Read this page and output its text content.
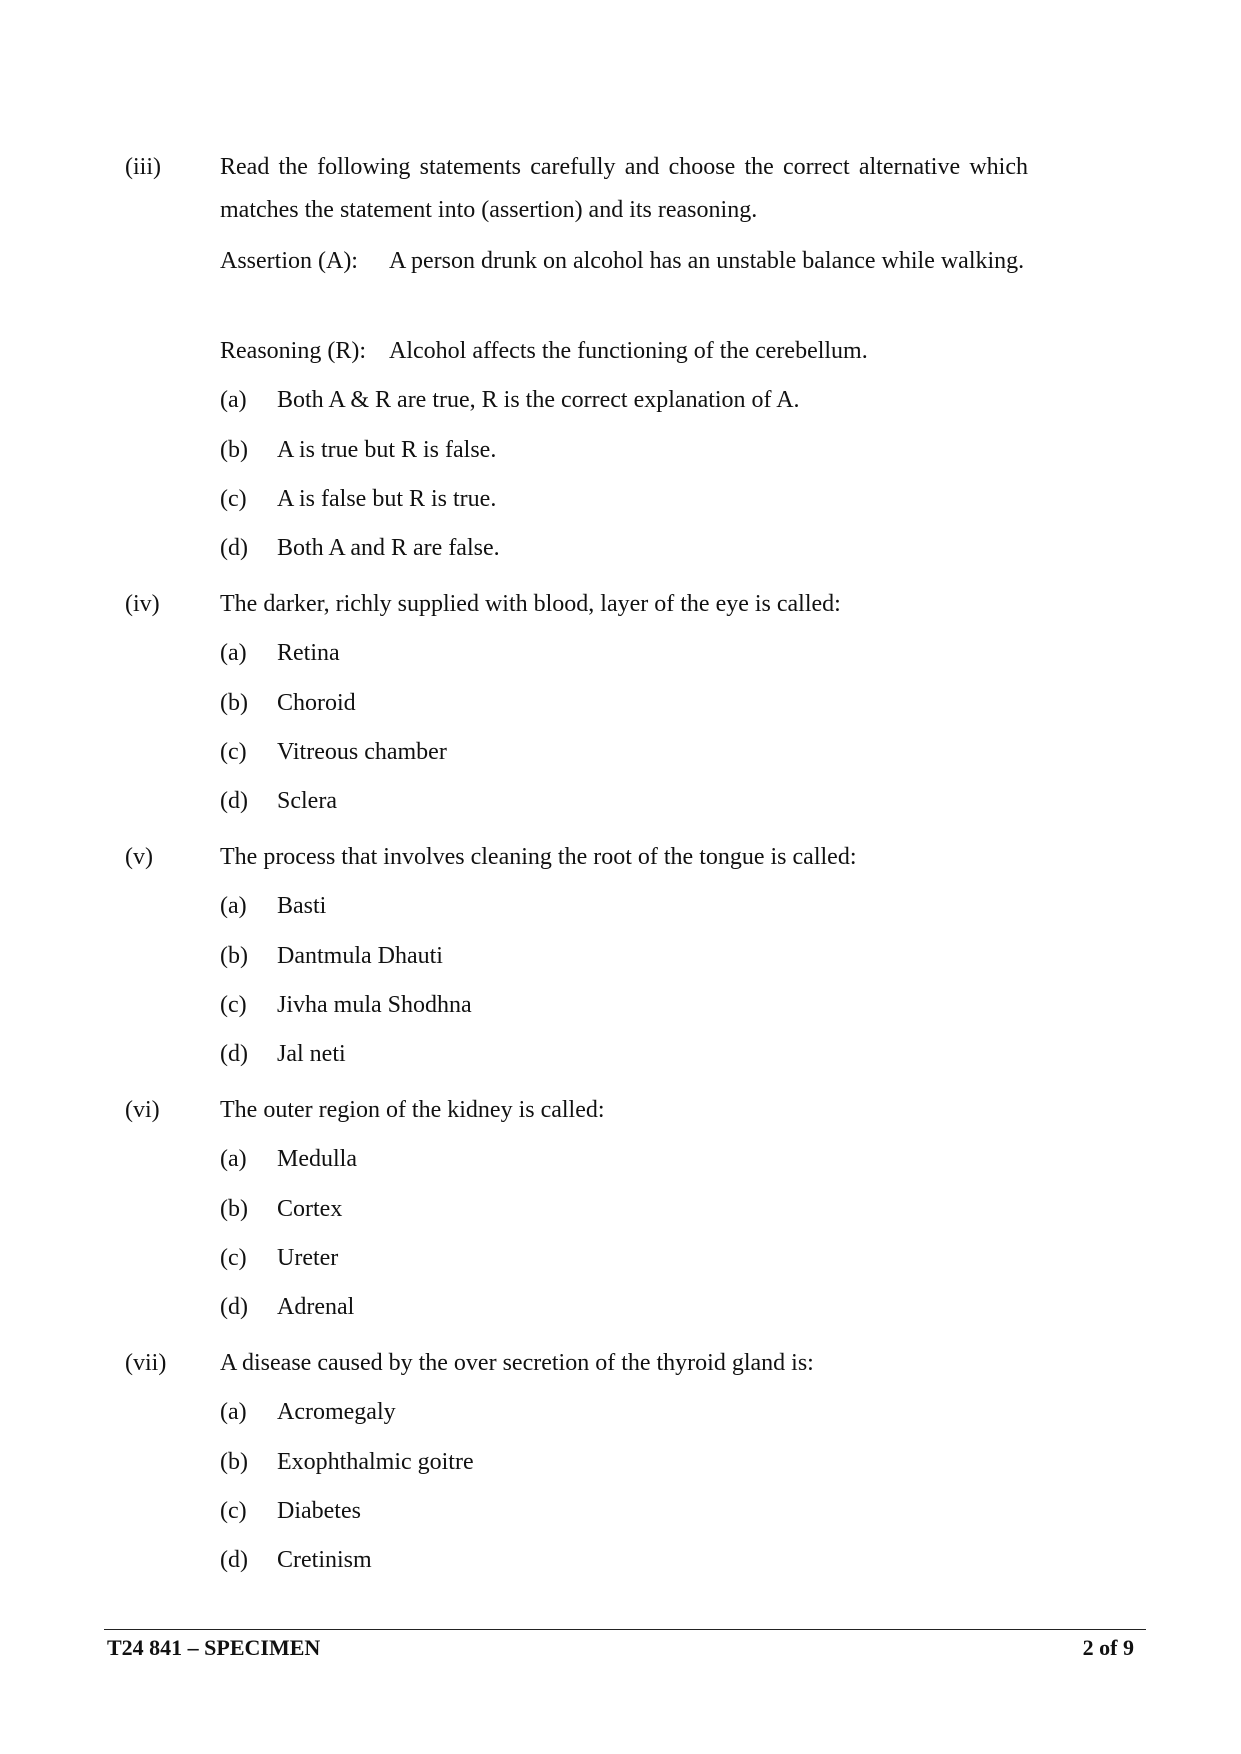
(iii) Read the following statements carefully and choose the correct alternative which matches the statement into (assertion) and its reasoning.
Assertion (A): A person drunk on alcohol has an unstable balance while walking.
Reasoning (R): Alcohol affects the functioning of the cerebellum.
(a) Both A & R are true, R is the correct explanation of A.
(b) A is true but R is false.
(c) A is false but R is true.
(d) Both A and R are false.
(iv)	The darker, richly supplied with blood, layer of the eye is called:
(a) Retina
(b) Choroid
(c) Vitreous chamber
(d) Sclera
(v)	The process that involves cleaning the root of the tongue is called:
(a) Basti
(b) Dantmula Dhauti
(c) Jivha mula Shodhna
(d) Jal neti
(vi)	The outer region of the kidney is called:
(a) Medulla
(b) Cortex
(c) Ureter
(d) Adrenal
(vii) A disease caused by the over secretion of the thyroid gland is:
(a) Acromegaly
(b) Exophthalmic goitre
(c) Diabetes
(d) Cretinism
T24 841 – SPECIMEN	2 of 9
